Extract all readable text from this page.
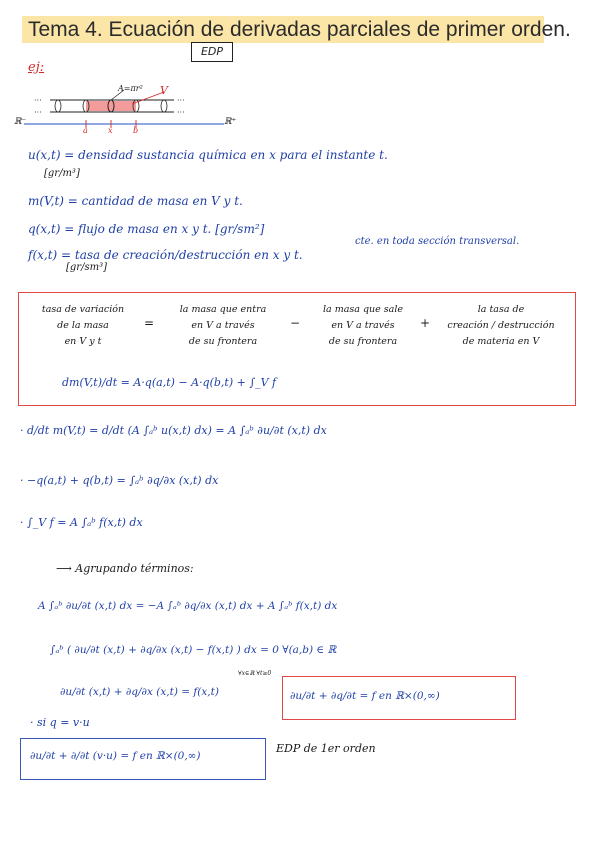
Tema 4. Ecuación de derivadas parciales de primer orden.
EDP
ej:
···
···
···
···
A=πr² V
ℝ⁻	ℝ⁺
a	x	b
u(x,t) = densidad sustancia química en x para el instante t.
[gr/m³]
m(V,t) = cantidad de masa en V y t.
q(x,t) = flujo de masa en x y t. [gr/sm²]
f(x,t) = tasa de creación/destrucción en x y t.
[gr/sm³]
cte. en toda sección transversal.
tasa de variación
de la masa
en V y t
=
la masa que entra
en V a través
de su frontera
−
la masa que sale
en V a través
de su frontera
+
la tasa de
creación / destrucción
de materia en V
dm(V,t)/dt = A·q(a,t) − A·q(b,t) + ∫_V f
· d/dt m(V,t) = d/dt (A ∫ₐᵇ u(x,t) dx) = A ∫ₐᵇ ∂u/∂t (x,t) dx
· −q(a,t) + q(b,t) = ∫ₐᵇ ∂q/∂x (x,t) dx
· ∫_V f = A ∫ₐᵇ f(x,t) dx
⟶ Agrupando términos:
A ∫ₐᵇ ∂u/∂t (x,t) dx = −A ∫ₐᵇ ∂q/∂x (x,t) dx + A ∫ₐᵇ f(x,t) dx
∫ₐᵇ ( ∂u/∂t (x,t) + ∂q/∂x (x,t) − f(x,t) ) dx = 0 ∀(a,b) ∈ ℝ
∂u/∂t (x,t) + ∂q/∂x (x,t) = f(x,t)
∀x∈ℝ ∀t≥0
∂u/∂t + ∂q/∂t = f en ℝ×(0,∞)
· si q = v·u
∂u/∂t + ∂/∂t (v·u) = f en ℝ×(0,∞)
EDP de 1er orden
